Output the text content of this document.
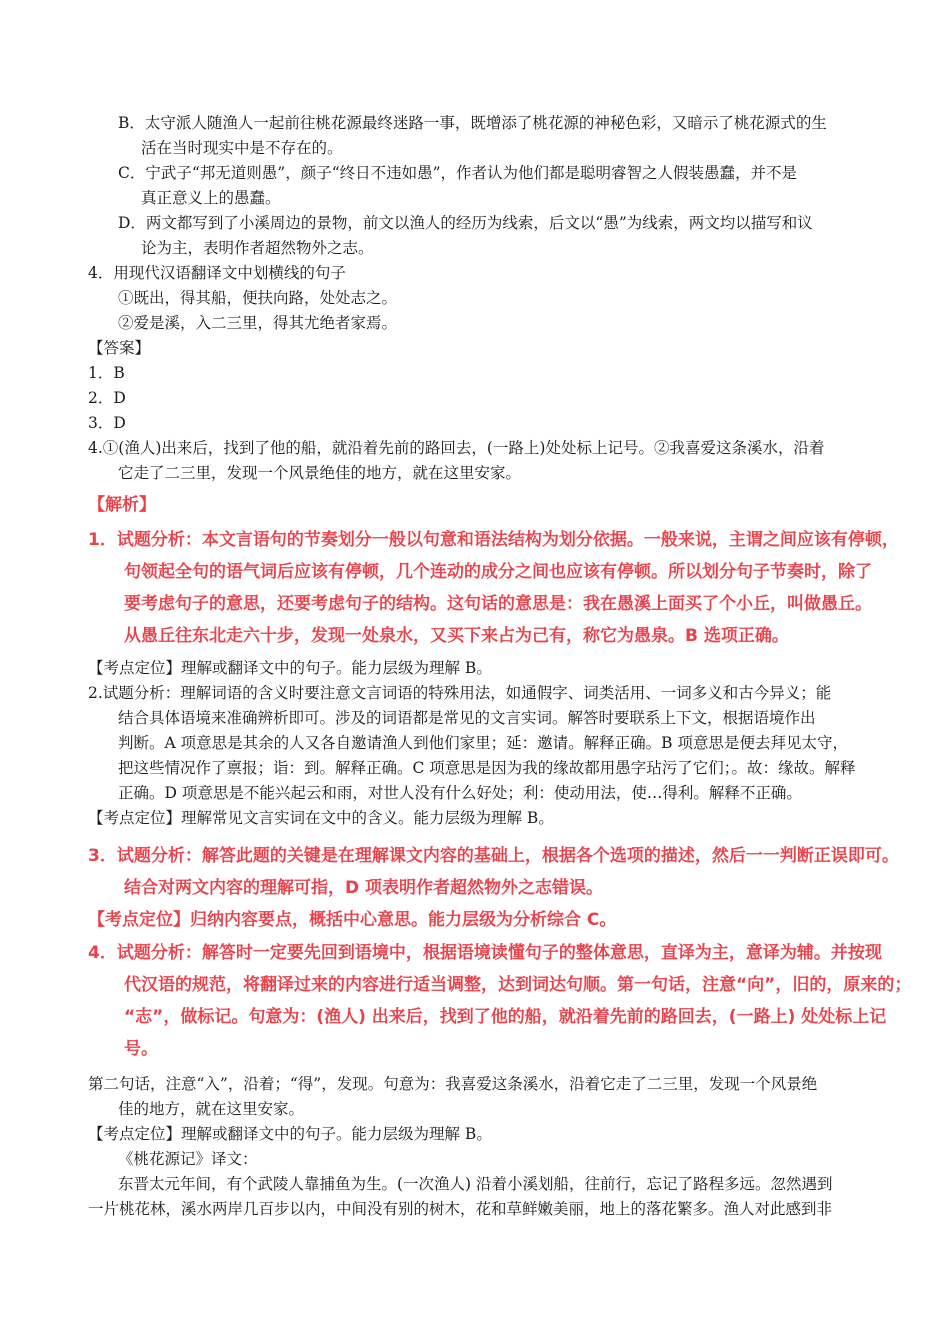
B．太守派人随渔人一起前往桃花源最终迷路一事，既增添了桃花源的神秘色彩，又暗示了桃花源式的生
活在当时现实中是不存在的。
C．宁武子“邦无道则愚”，颜子“终日不违如愚”，作者认为他们都是聪明睿智之人假装愚蠢，并不是
真正意义上的愚蠢。
D．两文都写到了小溪周边的景物，前文以渔人的经历为线索，后文以“愚”为线索，两文均以描写和议
论为主，表明作者超然物外之志。
4．用现代汉语翻译文中划横线的句子
①既出，得其船，便扶向路，处处志之。
②爱是溪，入二三里，得其尤绝者家焉。
【答案】
1．B
2．D
3．D
4.①(渔人)出来后，找到了他的船，就沿着先前的路回去，(一路上)处处标上记号。②我喜爱这条溪水，沿着
它走了二三里，发现一个风景绝佳的地方，就在这里安家。
【解析】
1．试题分析：本文言语句的节奏划分一般以句意和语法结构为划分依据。一般来说，主谓之间应该有停顿，
句领起全句的语气词后应该有停顿，几个连动的成分之间也应该有停顿。所以划分句子节奏时，除了
要考虑句子的意思，还要考虑句子的结构。这句话的意思是：我在愚溪上面买了个小丘，叫做愚丘。
从愚丘往东北走六十步，发现一处泉水，又买下来占为己有，称它为愚泉。B 选项正确。
【考点定位】理解或翻译文中的句子。能力层级为理解 B。
2.试题分析：理解词语的含义时要注意文言词语的特殊用法，如通假字、词类活用、一词多义和古今异义；能
结合具体语境来准确辨析即可。涉及的词语都是常见的文言实词。解答时要联系上下文，根据语境作出
判断。A 项意思是其余的人又各自邀请渔人到他们家里；延：邀请。解释正确。B 项意思是便去拜见太守，
把这些情况作了禀报；诣：到。解释正确。C 项意思是因为我的缘故都用愚字玷污了它们；。故：缘故。解释
正确。D 项意思是不能兴起云和雨，对世人没有什么好处；利：使动用法，使…得利。解释不正确。
【考点定位】理解常见文言实词在文中的含义。能力层级为理解 B。
3．试题分析：解答此题的关键是在理解课文内容的基础上，根据各个选项的描述，然后一一判断正误即可。
结合对两文内容的理解可指，D 项表明作者超然物外之志错误。
【考点定位】归纳内容要点，概括中心意思。能力层级为分析综合 C。
4．试题分析：解答时一定要先回到语境中，根据语境读懂句子的整体意思，直译为主，意译为辅。并按现
代汉语的规范，将翻译过来的内容进行适当调整，达到词达句顺。第一句话，注意“向”，旧的，原来的；
“志”，做标记。句意为：(渔人) 出来后，找到了他的船，就沿着先前的路回去，(一路上) 处处标上记
号。
第二句话，注意“入”，沿着；“得”，发现。句意为：我喜爱这条溪水，沿着它走了二三里，发现一个风景绝
佳的地方，就在这里安家。
【考点定位】理解或翻译文中的句子。能力层级为理解 B。
《桃花源记》译文：
东晋太元年间，有个武陵人靠捕鱼为生。(一次渔人) 沿着小溪划船，往前行，忘记了路程多远。忽然遇到
一片桃花林，溪水两岸几百步以内，中间没有别的树木，花和草鲜嫩美丽，地上的落花繁多。渔人对此感到非
